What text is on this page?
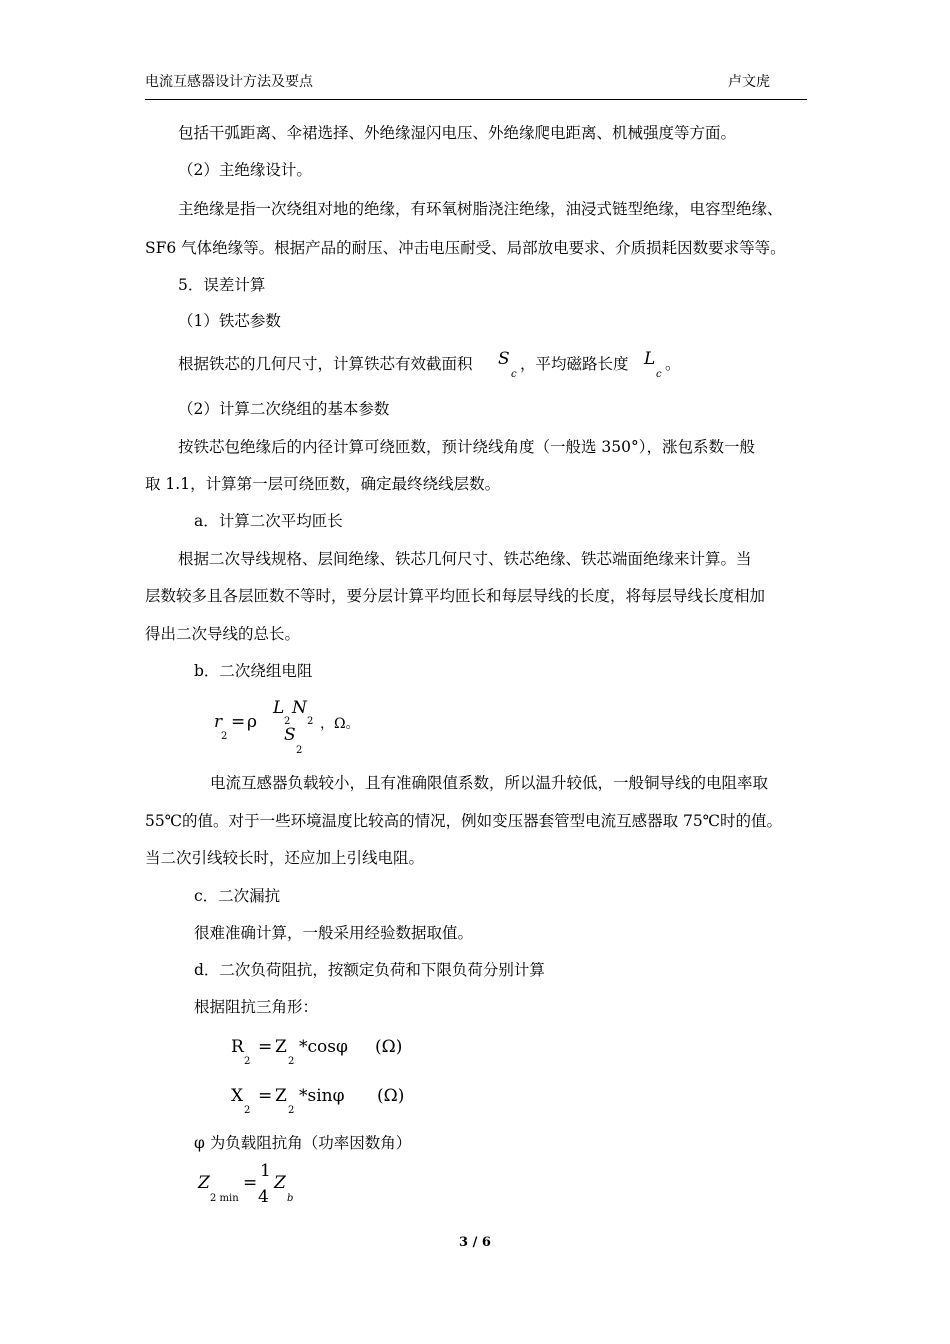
电流互感器设计方法及要点	卢文虎
包括干弧距离、伞裙选择、外绝缘湿闪电压、外绝缘爬电距离、机械强度等方面。
（2）主绝缘设计。
主绝缘是指一次绕组对地的绝缘，有环氧树脂浇注绝缘，油浸式链型绝缘，电容型绝缘、
SF6 气体绝缘等。根据产品的耐压、冲击电压耐受、局部放电要求、介质损耗因数要求等等。
5．误差计算
（1）铁芯参数
根据铁芯的几何尺寸，计算铁芯有效截面积 S
c
，平均磁路长度 L
c
。
（2）计算二次绕组的基本参数
按铁芯包绝缘后的内径计算可绕匝数，预计绕线角度（一般选 350°），涨包系数一般
取 1.1，计算第一层可绕匝数，确定最终绕线层数。
a．计算二次平均匝长
根据二次导线规格、层间绝缘、铁芯几何尺寸、铁芯绝缘、铁芯端面绝缘来计算。当
层数较多且各层匝数不等时，要分层计算平均匝长和每层导线的长度，将每层导线长度相加
得出二次导线的总长。
b．二次绕组电阻
r
2
= ρ
L
2
N
2
S
2
，Ω。
电流互感器负载较小，且有准确限值系数，所以温升较低，一般铜导线的电阻率取
55℃的值。对于一些环境温度比较高的情况，例如变压器套管型电流互感器取 75℃时的值。
当二次引线较长时，还应加上引线电阻。
c．二次漏抗
很难准确计算，一般采用经验数据取值。
d．二次负荷阻抗，按额定负荷和下限负荷分别计算
根据阻抗三角形：
R
2
= Z
2
*cosφ (Ω)
X
2
= Z
2
*sinφ (Ω)
φ 为负载阻抗角（功率因数角）
Z
2 min
=
1
4
Z
b
3 / 6
